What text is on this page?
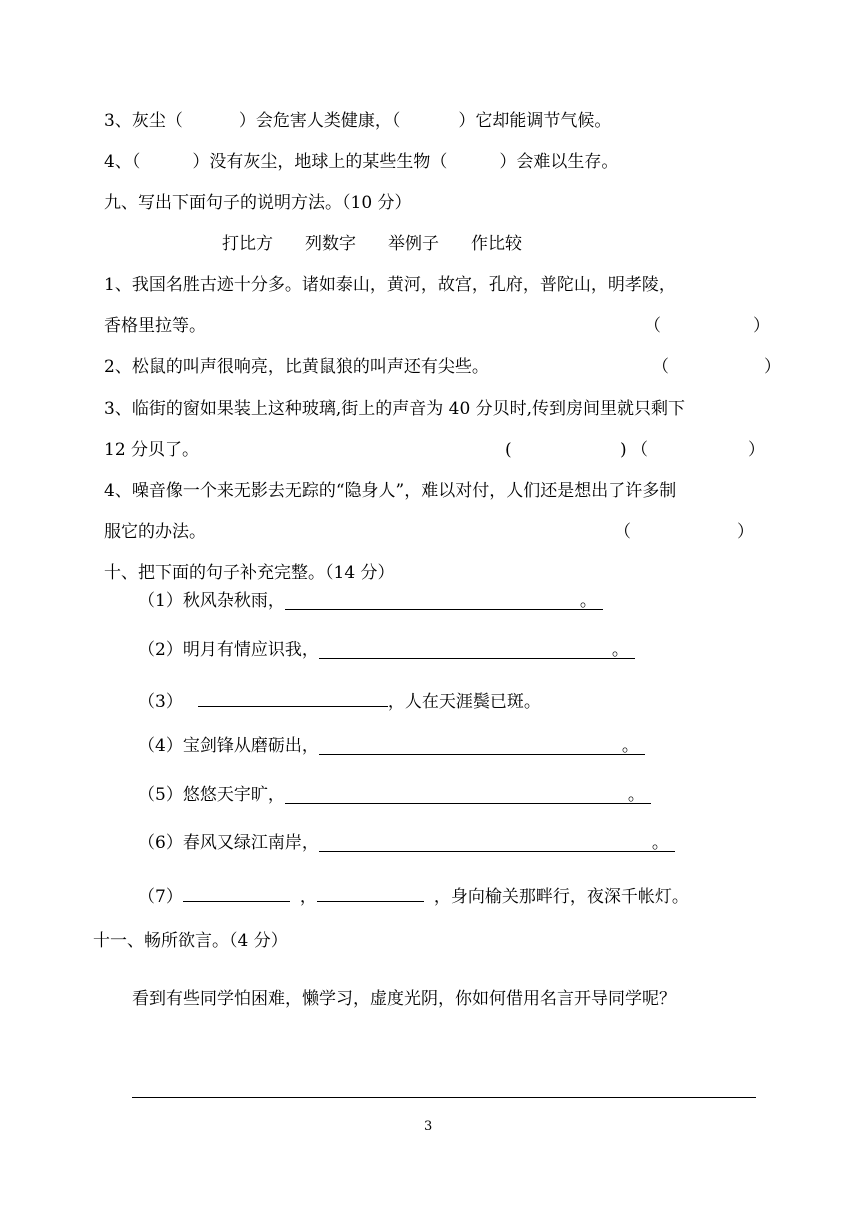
3、灰尘（	）会危害人类健康，（	）它却能调节气候。
4、（	）没有灰尘，地球上的某些生物（	）会难以生存。
九、写出下面句子的说明方法。（10 分）
打比方 列数字 举例子 作比较
1、我国名胜古迹十分多。诸如泰山，黄河，故宫，孔府，普陀山，明孝陵，
香格里拉等。	（	）
2、松鼠的叫声很响亮，比黄鼠狼的叫声还有尖些。	（	）
3、临街的窗如果装上这种玻璃,街上的声音为 40 分贝时,传到房间里就只剩下
12 分贝了。	(	) （	）
4、噪音像一个来无影去无踪的“隐身人”，难以对付，人们还是想出了许多制
服它的办法。	（	）
十、把下面的句子补充完整。（14 分）
（1）秋风杂秋雨，	。
（2）明月有情应识我，	。
（3）	，人在天涯鬓已斑。
（4）宝剑锋从磨砺出，	。
（5）悠悠天宇旷，	。
（6）春风又绿江南岸，	。
（7）	，	，身向榆关那畔行，夜深千帐灯。
十一、畅所欲言。（4 分）
看到有些同学怕困难，懒学习，虚度光阴，你如何借用名言开导同学呢？
3
